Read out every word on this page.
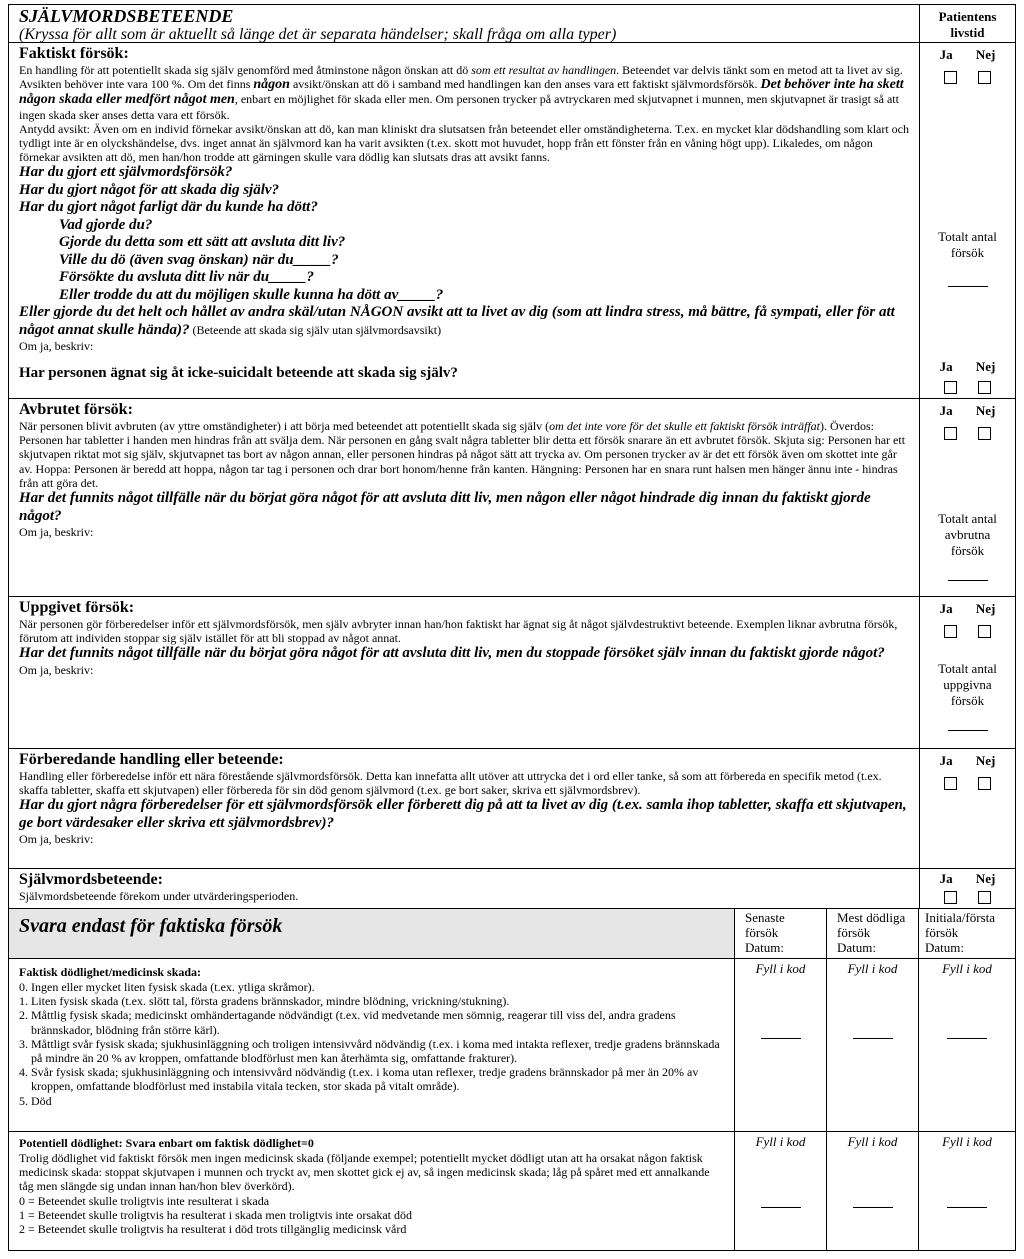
SJÄLVMORDSBETEENDE
(Kryssa för allt som är aktuellt så länge det är separata händelser; skall fråga om alla typer)
Patientens
livstid
Faktiskt försök:
En handling för att potentiellt skada sig själv genomförd med åtminstone någon önskan att dö som ett resultat av handlingen. Beteendet var delvis tänkt som en metod att ta livet av sig. Avsikten behöver inte vara 100 %. Om det finns någon avsikt/önskan att dö i samband med handlingen kan den anses vara ett faktiskt självmordsförsök. Det behöver inte ha skett någon skada eller medfört något men, enbart en möjlighet för skada eller men. Om personen trycker på avtryckaren med skjutvapnet i munnen, men skjutvapnet är trasigt så att ingen skada sker anses detta vara ett försök.
Antydd avsikt: Även om en individ förnekar avsikt/önskan att dö, kan man kliniskt dra slutsatsen från beteendet eller omständigheterna. T.ex. en mycket klar dödshandling som klart och tydligt inte är en olyckshändelse, dvs. inget annat än självmord kan ha varit avsikten (t.ex. skott mot huvudet, hopp från ett fönster från en våning högt upp). Likaledes, om någon förnekar avsikten att dö, men han/hon trodde att gärningen skulle vara dödlig kan slutsats dras att avsikt fanns.
Har du gjort ett självmordsförsök?
Har du gjort något för att skada dig själv?
Har du gjort något farligt där du kunde ha dött?
Vad gjorde du?
Gjorde du detta som ett sätt att avsluta ditt liv?
Ville du dö (även svag önskan) när du_____?
Försökte du avsluta ditt liv när du_____?
Eller trodde du att du möjligen skulle kunna ha dött av_____?
Eller gjorde du det helt och hållet av andra skäl/utan NÅGON avsikt att ta livet av dig (som att lindra stress, må bättre, få sympati, eller för att något annat skulle hända)? (Beteende att skada sig själv utan självmordsavsikt)
Om ja, beskriv:
Har personen ägnat sig åt icke-suicidalt beteende att skada sig själv?
Ja Nej
Totalt antal
försök
Ja Nej
Avbrutet försök:
När personen blivit avbruten (av yttre omständigheter) i att börja med beteendet att potentiellt skada sig själv (om det inte vore för det skulle ett faktiskt försök inträffat). Överdos: Personen har tabletter i handen men hindras från att svälja dem. När personen en gång svalt några tabletter blir detta ett försök snarare än ett avbrutet försök. Skjuta sig: Personen har ett skjutvapen riktat mot sig själv, skjutvapnet tas bort av någon annan, eller personen hindras på något sätt att trycka av. Om personen trycker av är det ett försök även om skottet inte går av. Hoppa: Personen är beredd att hoppa, någon tar tag i personen och drar bort honom/henne från kanten. Hängning: Personen har en snara runt halsen men hänger ännu inte - hindras från att göra det.
Har det funnits något tillfälle när du börjat göra något för att avsluta ditt liv, men någon eller något hindrade dig innan du faktiskt gjorde något?
Om ja, beskriv:
Ja Nej
Totalt antal
avbrutna
försök
Uppgivet försök:
När personen gör förberedelser inför ett självmordsförsök, men själv avbryter innan han/hon faktiskt har ägnat sig åt något självdestruktivt beteende. Exemplen liknar avbrutna försök, förutom att individen stoppar sig själv istället för att bli stoppad av något annat.
Har det funnits något tillfälle när du börjat göra något för att avsluta ditt liv, men du stoppade försöket själv innan du faktiskt gjorde något?
Om ja, beskriv:
Ja Nej
Totalt antal
uppgivna
försök
Förberedande handling eller beteende:
Handling eller förberedelse inför ett nära förestående självmordsförsök. Detta kan innefatta allt utöver att uttrycka det i ord eller tanke, så som att förbereda en specifik metod (t.ex. skaffa tabletter, skaffa ett skjutvapen) eller förbereda för sin död genom självmord (t.ex. ge bort saker, skriva ett självmordsbrev).
Har du gjort några förberedelser för ett självmordsförsök eller förberett dig på att ta livet av dig (t.ex. samla ihop tabletter, skaffa ett skjutvapen, ge bort värdesaker eller skriva ett självmordsbrev)?
Om ja, beskriv:
Ja Nej
Självmordsbeteende:
Självmordsbeteende förekom under utvärderingsperioden.
Ja Nej
Svara endast för faktiska försök	Senaste
försök
Datum:
Mest dödliga
försök
Datum:
Initiala/första
försök
Datum:
Faktisk dödlighet/medicinsk skada:
0. Ingen eller mycket liten fysisk skada (t.ex. ytliga skråmor).
1. Liten fysisk skada (t.ex. slött tal, första gradens brännskador, mindre blödning, vrickning/stukning).
2. Måttlig fysisk skada; medicinskt omhändertagande nödvändigt (t.ex. vid medvetande men sömnig, reagerar till viss del, andra gradens brännskador, blödning från större kärl).
3. Måttligt svår fysisk skada; sjukhusinläggning och troligen intensivvård nödvändig (t.ex. i koma med intakta reflexer, tredje gradens brännskada på mindre än 20 % av kroppen, omfattande blodförlust men kan återhämta sig, omfattande frakturer).
4. Svår fysisk skada; sjukhusinläggning och intensivvård nödvändig (t.ex. i koma utan reflexer, tredje gradens brännskador på mer än 20% av kroppen, omfattande blodförlust med instabila vitala tecken, stor skada på vitalt område).
5. Död
Fyll i kod	Fyll i kod	Fyll i kod
Potentiell dödlighet: Svara enbart om faktisk dödlighet=0
Trolig dödlighet vid faktiskt försök men ingen medicinsk skada (följande exempel; potentiellt mycket dödligt utan att ha orsakat någon faktisk medicinsk skada: stoppat skjutvapen i munnen och tryckt av, men skottet gick ej av, så ingen medicinsk skada; låg på spåret med ett annalkande tåg men slängde sig undan innan han/hon blev överkörd).
0 = Beteendet skulle troligtvis inte resulterat i skada
1 = Beteendet skulle troligtvis ha resulterat i skada men troligtvis inte orsakat död
2 = Beteendet skulle troligtvis ha resulterat i död trots tillgänglig medicinsk vård
Fyll i kod	Fyll i kod	Fyll i kod
